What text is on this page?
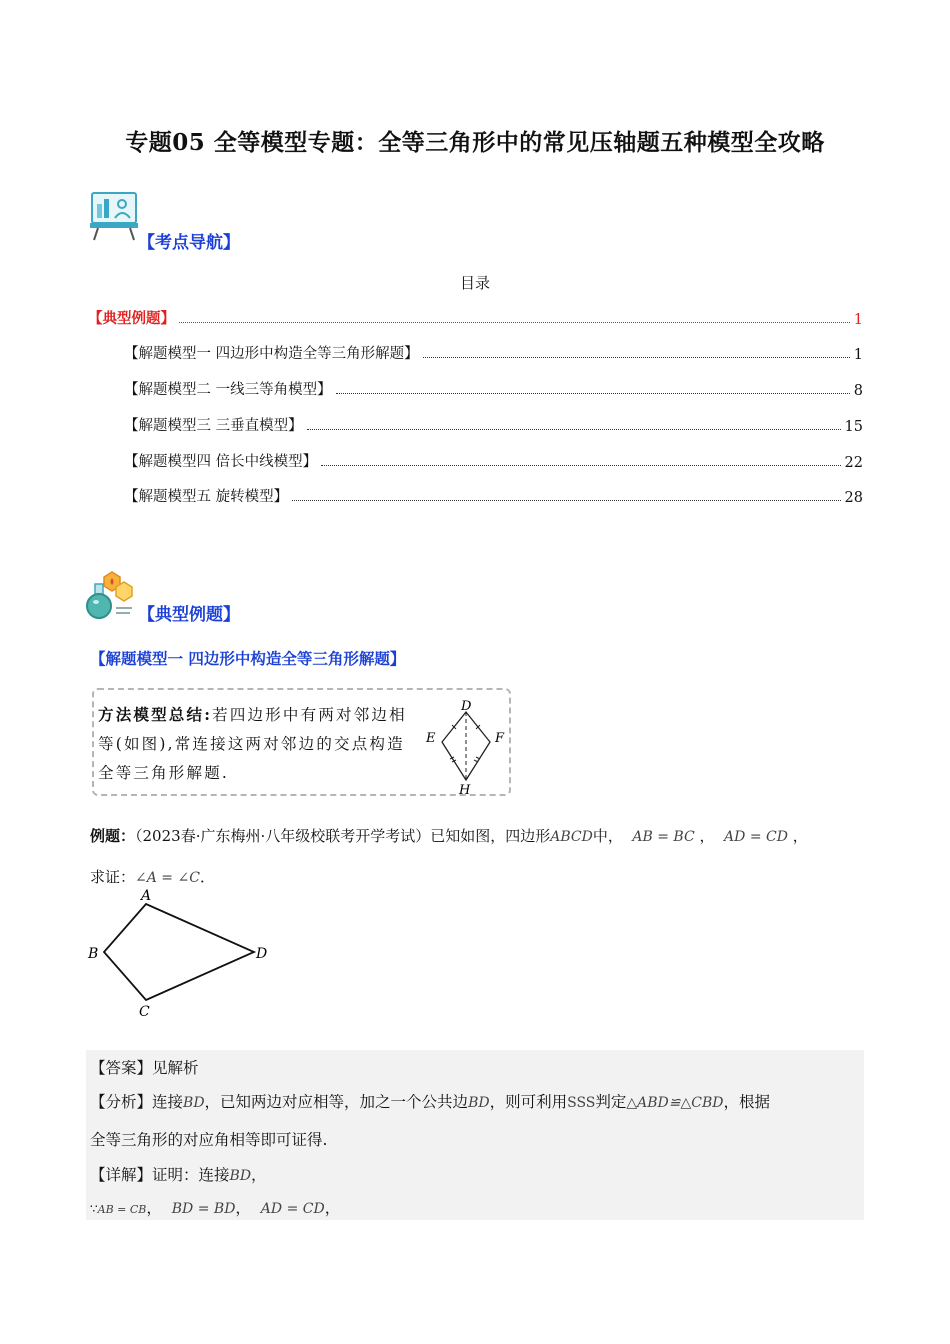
专题05 全等模型专题：全等三角形中的常见压轴题五种模型全攻略
【考点导航】
目录
【典型例题】	1
【解题模型一 四边形中构造全等三角形解题】	1
【解题模型二 一线三等角模型】	8
【解题模型三 三垂直模型】	15
【解题模型四 倍长中线模型】	22
【解题模型五 旋转模型】	28
【典型例题】
【解题模型一 四边形中构造全等三角形解题】
方法模型总结:若四边形中有两对邻边相等(如图),常连接这两对邻边的交点构造全等三角形解题.
D
E	F
H
例题：（2023春·广东梅州·八年级校联考开学考试）已知如图，四边形ABCD中， AB = BC ， AD = CD ，
求证：∠A = ∠C．
A
B
C
D
【答案】见解析
【分析】连接BD，已知两边对应相等，加之一个公共边BD，则可利用SSS判定△ABD≌△CBD，根据
全等三角形的对应角相等即可证得.
【详解】证明：连接BD，
∵AB = CB， BD = BD， AD = CD，
